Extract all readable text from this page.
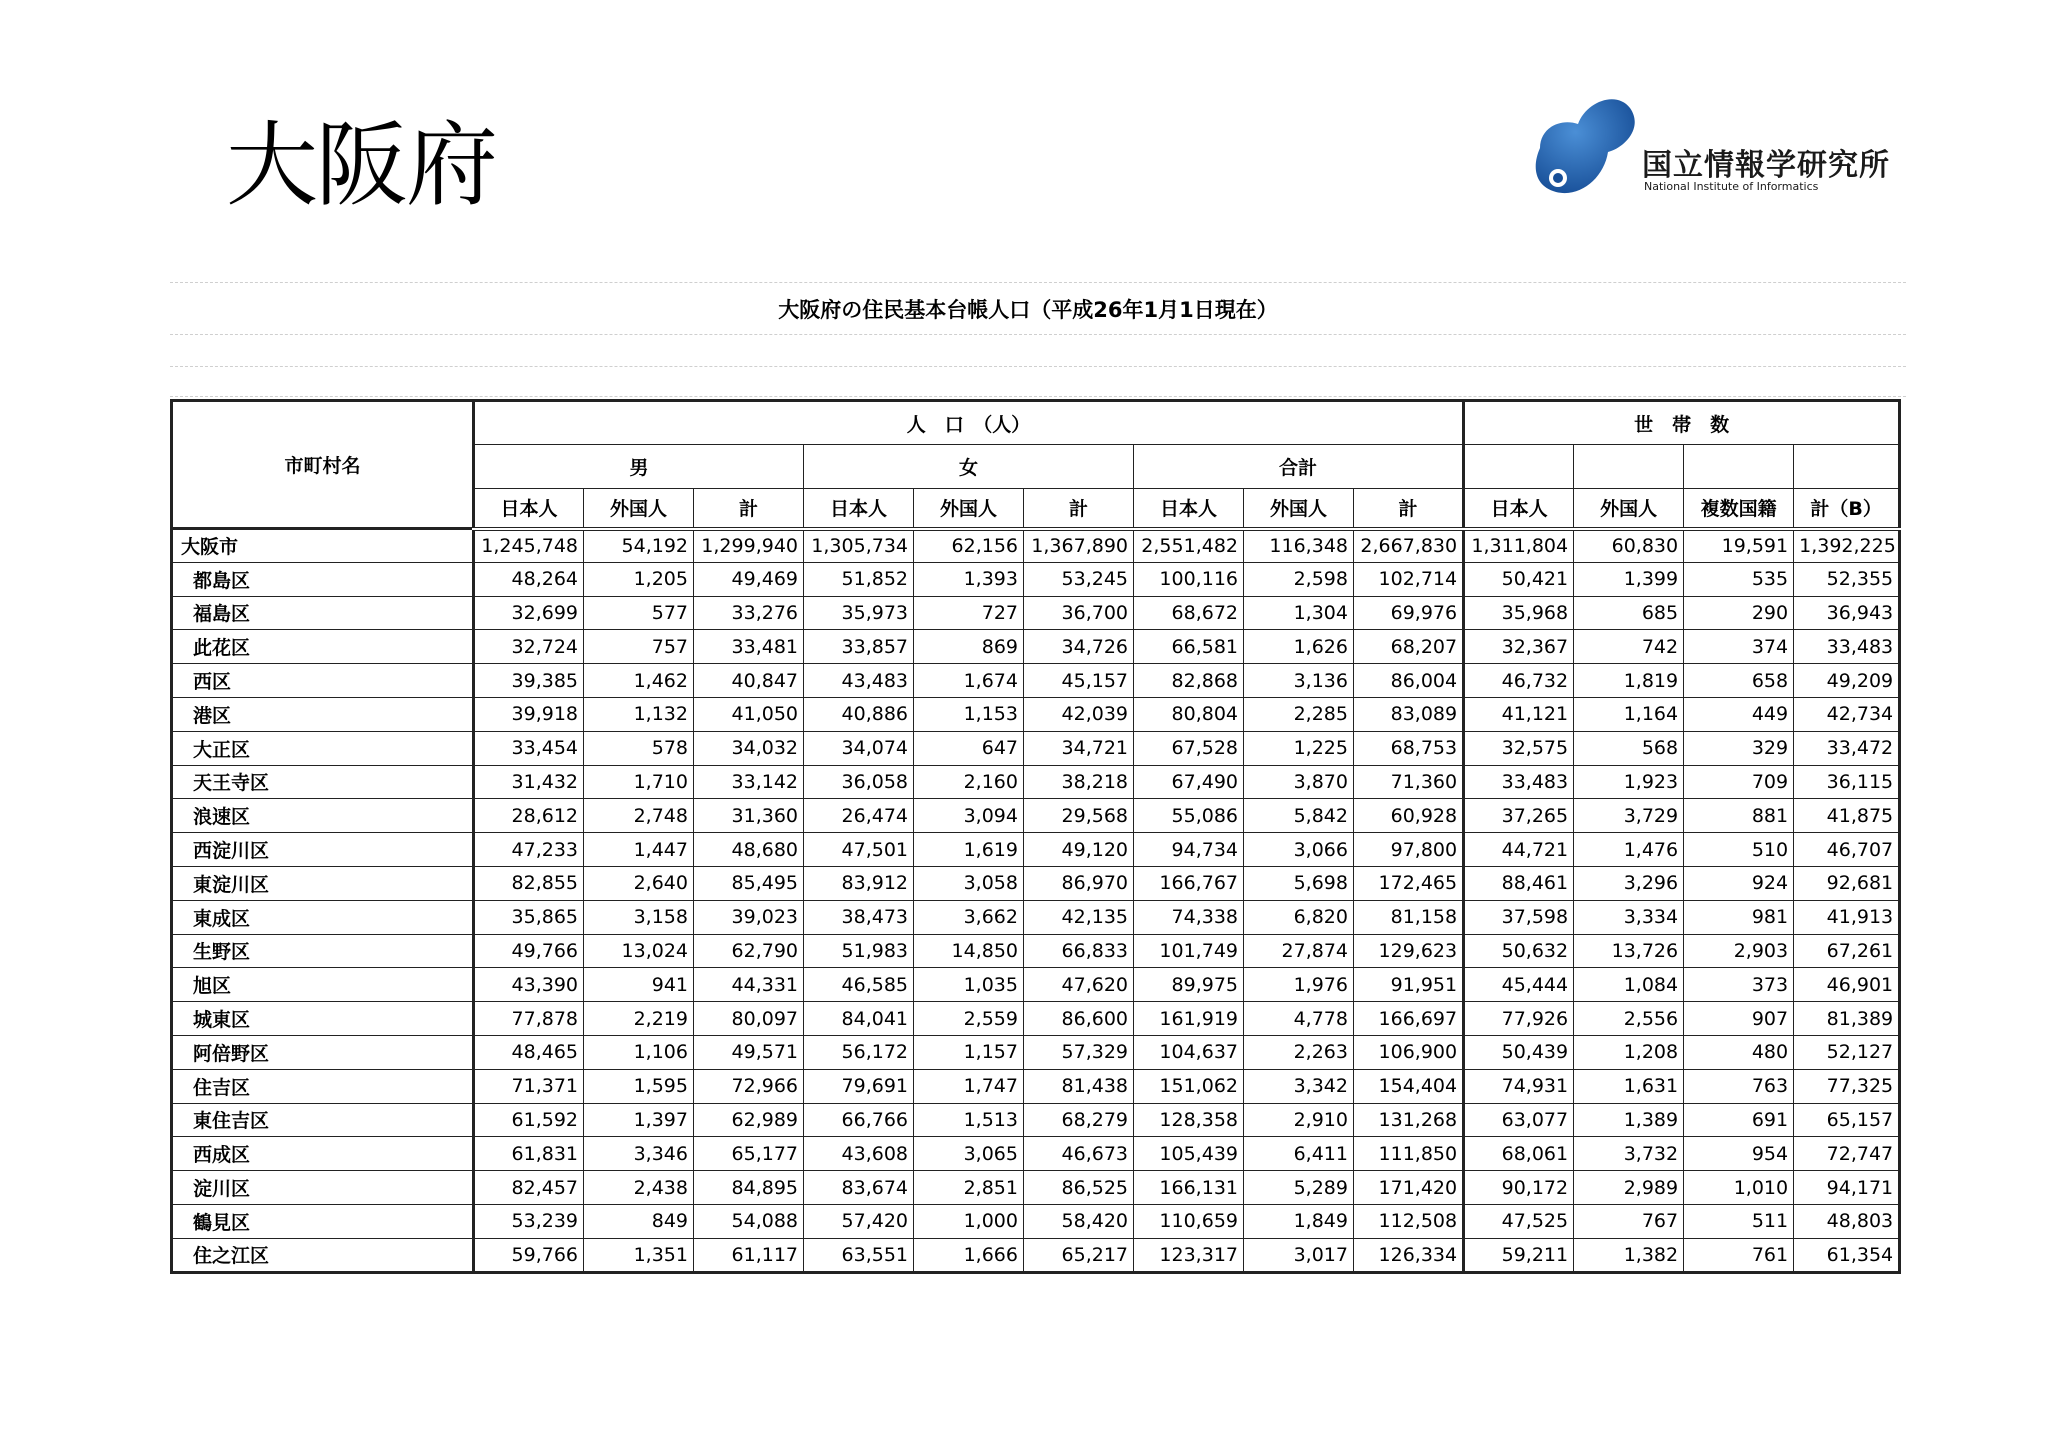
大阪府	国立情報学研究所
National Institute of Informatics
大阪府の住民基本台帳人口（平成26年1月1日現在）
市町村名	人　口　（人）									世　帯　数			
	男			女			合計						
	日本人	外国人	計	日本人	外国人	計	日本人	外国人	計	日本人	外国人	複数国籍	計（B）
大阪市	1,245,748	54,192	1,299,940	1,305,734	62,156	1,367,890	2,551,482	116,348	2,667,830	1,311,804	60,830	19,591	1,392,225
都島区	48,264	1,205	49,469	51,852	1,393	53,245	100,116	2,598	102,714	50,421	1,399	535	52,355
福島区	32,699	577	33,276	35,973	727	36,700	68,672	1,304	69,976	35,968	685	290	36,943
此花区	32,724	757	33,481	33,857	869	34,726	66,581	1,626	68,207	32,367	742	374	33,483
西区	39,385	1,462	40,847	43,483	1,674	45,157	82,868	3,136	86,004	46,732	1,819	658	49,209
港区	39,918	1,132	41,050	40,886	1,153	42,039	80,804	2,285	83,089	41,121	1,164	449	42,734
大正区	33,454	578	34,032	34,074	647	34,721	67,528	1,225	68,753	32,575	568	329	33,472
天王寺区	31,432	1,710	33,142	36,058	2,160	38,218	67,490	3,870	71,360	33,483	1,923	709	36,115
浪速区	28,612	2,748	31,360	26,474	3,094	29,568	55,086	5,842	60,928	37,265	3,729	881	41,875
西淀川区	47,233	1,447	48,680	47,501	1,619	49,120	94,734	3,066	97,800	44,721	1,476	510	46,707
東淀川区	82,855	2,640	85,495	83,912	3,058	86,970	166,767	5,698	172,465	88,461	3,296	924	92,681
東成区	35,865	3,158	39,023	38,473	3,662	42,135	74,338	6,820	81,158	37,598	3,334	981	41,913
生野区	49,766	13,024	62,790	51,983	14,850	66,833	101,749	27,874	129,623	50,632	13,726	2,903	67,261
旭区	43,390	941	44,331	46,585	1,035	47,620	89,975	1,976	91,951	45,444	1,084	373	46,901
城東区	77,878	2,219	80,097	84,041	2,559	86,600	161,919	4,778	166,697	77,926	2,556	907	81,389
阿倍野区	48,465	1,106	49,571	56,172	1,157	57,329	104,637	2,263	106,900	50,439	1,208	480	52,127
住吉区	71,371	1,595	72,966	79,691	1,747	81,438	151,062	3,342	154,404	74,931	1,631	763	77,325
東住吉区	61,592	1,397	62,989	66,766	1,513	68,279	128,358	2,910	131,268	63,077	1,389	691	65,157
西成区	61,831	3,346	65,177	43,608	3,065	46,673	105,439	6,411	111,850	68,061	3,732	954	72,747
淀川区	82,457	2,438	84,895	83,674	2,851	86,525	166,131	5,289	171,420	90,172	2,989	1,010	94,171
鶴見区	53,239	849	54,088	57,420	1,000	58,420	110,659	1,849	112,508	47,525	767	511	48,803
住之江区	59,766	1,351	61,117	63,551	1,666	65,217	123,317	3,017	126,334	59,211	1,382	761	61,354
